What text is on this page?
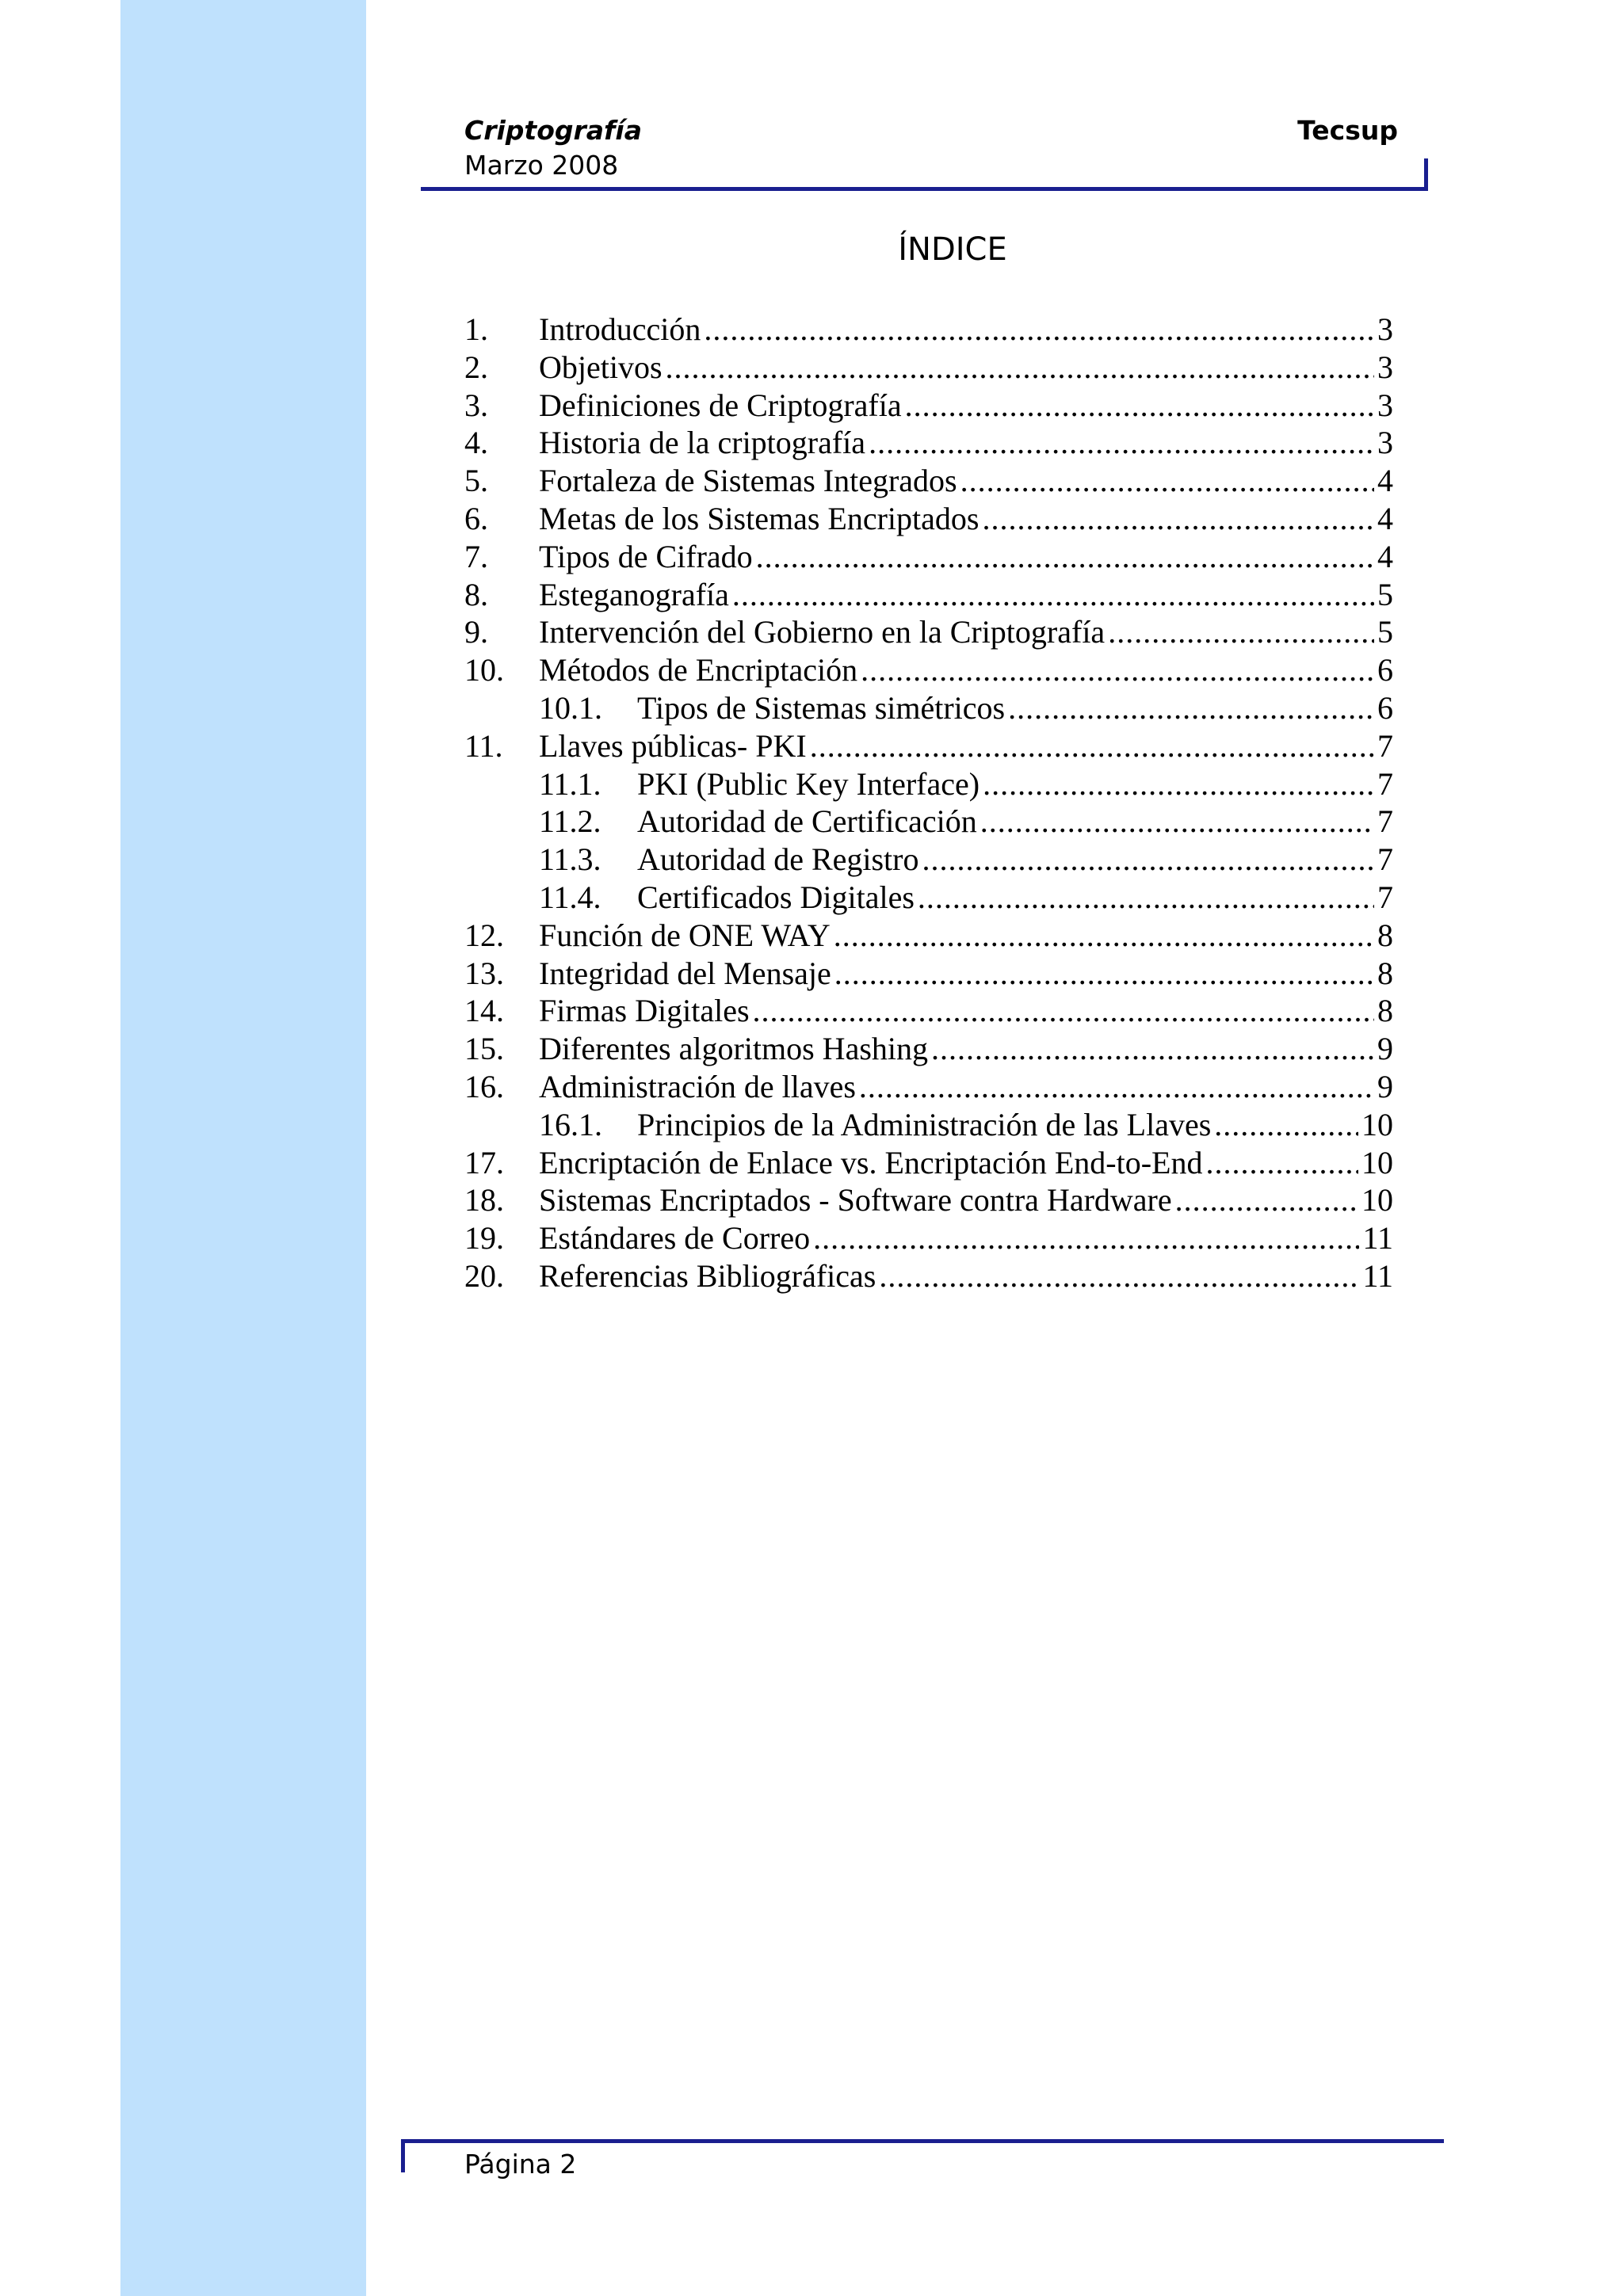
Criptografía
Marzo 2008
Tecsup
ÍNDICE
1.	Introducción .....	3
2.	Objetivos .....	3
3.	Definiciones de Criptografía .....	3
4.	Historia de la criptografía .....	3
5.	Fortaleza de Sistemas Integrados .....	4
6.	Metas de los Sistemas Encriptados .....	4
7.	Tipos de Cifrado .....	4
8.	Esteganografía .....	5
9.	Intervención del Gobierno en la Criptografía .....	5
10.	Métodos de Encriptación .....	6
10.1.	Tipos de Sistemas simétricos .....	6
11.	Llaves públicas- PKI .....	7
11.1.	PKI (Public Key Interface) .....	7
11.2.	Autoridad de Certificación .....	7
11.3.	Autoridad de Registro .....	7
11.4.	Certificados Digitales .....	7
12.	Función de ONE WAY .....	8
13.	Integridad del Mensaje .....	8
14.	Firmas Digitales .....	8
15.	Diferentes algoritmos Hashing .....	9
16.	Administración de llaves .....	9
16.1.	Principios de la Administración de las Llaves .....	10
17.	Encriptación de Enlace vs. Encriptación End-to-End .....	10
18.	Sistemas Encriptados - Software contra Hardware .....	10
19.	Estándares de Correo .....	11
20.	Referencias Bibliográficas .....	11
Página 2
